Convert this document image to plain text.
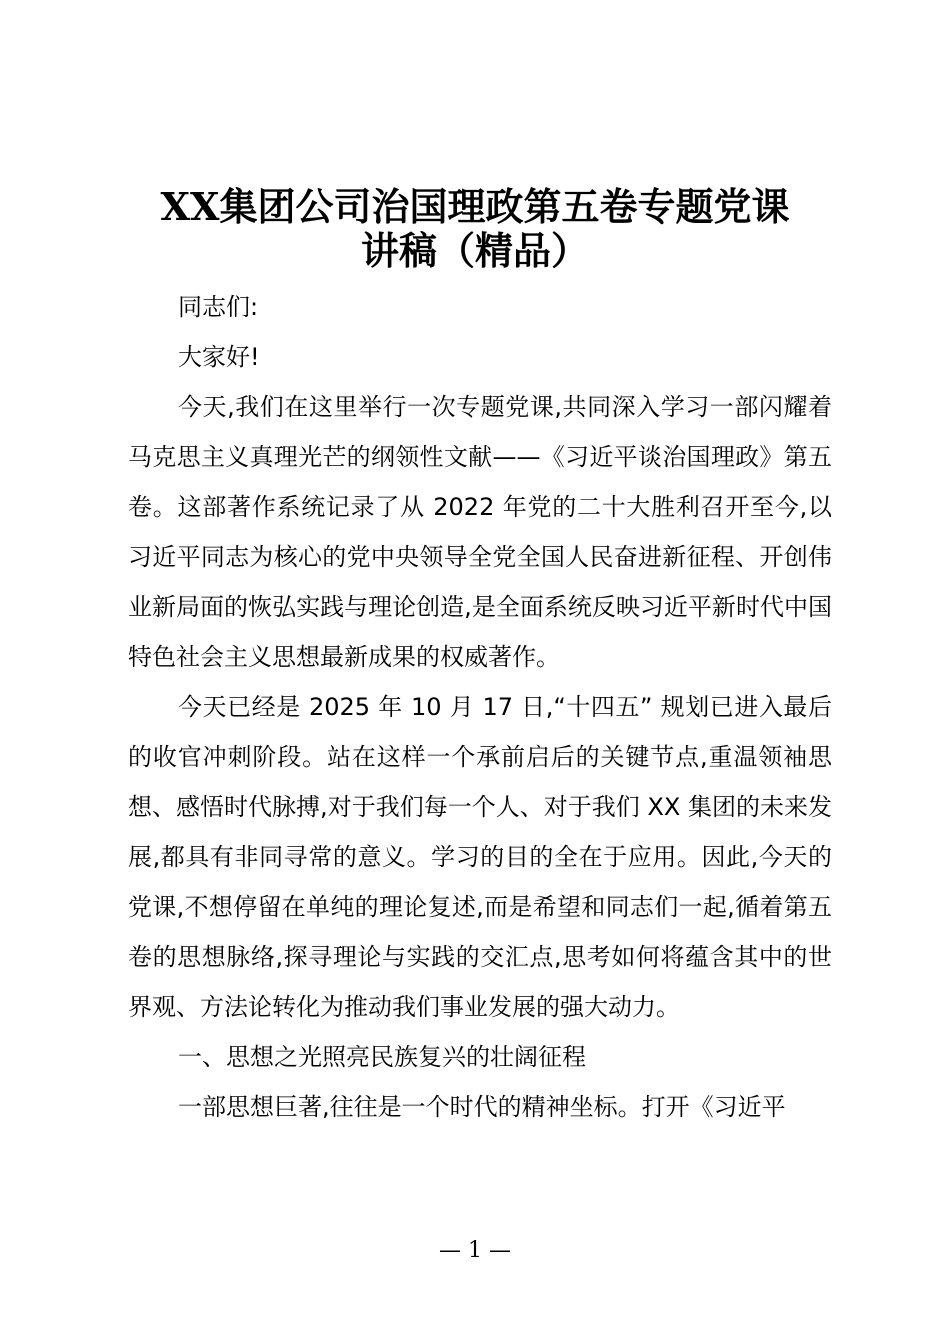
XX集团公司治国理政第五卷专题党课
讲稿（精品）

同志们:

大家好!

今天,我们在这里举行一次专题党课,共同深入学习一部闪耀着马克思主义真理光芒的纲领性文献——《习近平谈治国理政》第五卷。这部著作系统记录了从 2022 年党的二十大胜利召开至今,以习近平同志为核心的党中央领导全党全国人民奋进新征程、开创伟业新局面的恢弘实践与理论创造,是全面系统反映习近平新时代中国特色社会主义思想最新成果的权威著作。

今天已经是 2025 年 10 月 17 日,“十四五” 规划已进入最后的收官冲刺阶段。站在这样一个承前启后的关键节点,重温领袖思想、感悟时代脉搏,对于我们每一个人、对于我们 XX 集团的未来发展,都具有非同寻常的意义。学习的目的全在于应用。因此,今天的党课,不想停留在单纯的理论复述,而是希望和同志们一起,循着第五卷的思想脉络,探寻理论与实践的交汇点,思考如何将蕴含其中的世界观、方法论转化为推动我们事业发展的强大动力。

一、思想之光照亮民族复兴的壮阔征程

一部思想巨著,往往是一个时代的精神坐标。打开《习近平

— 1 —
